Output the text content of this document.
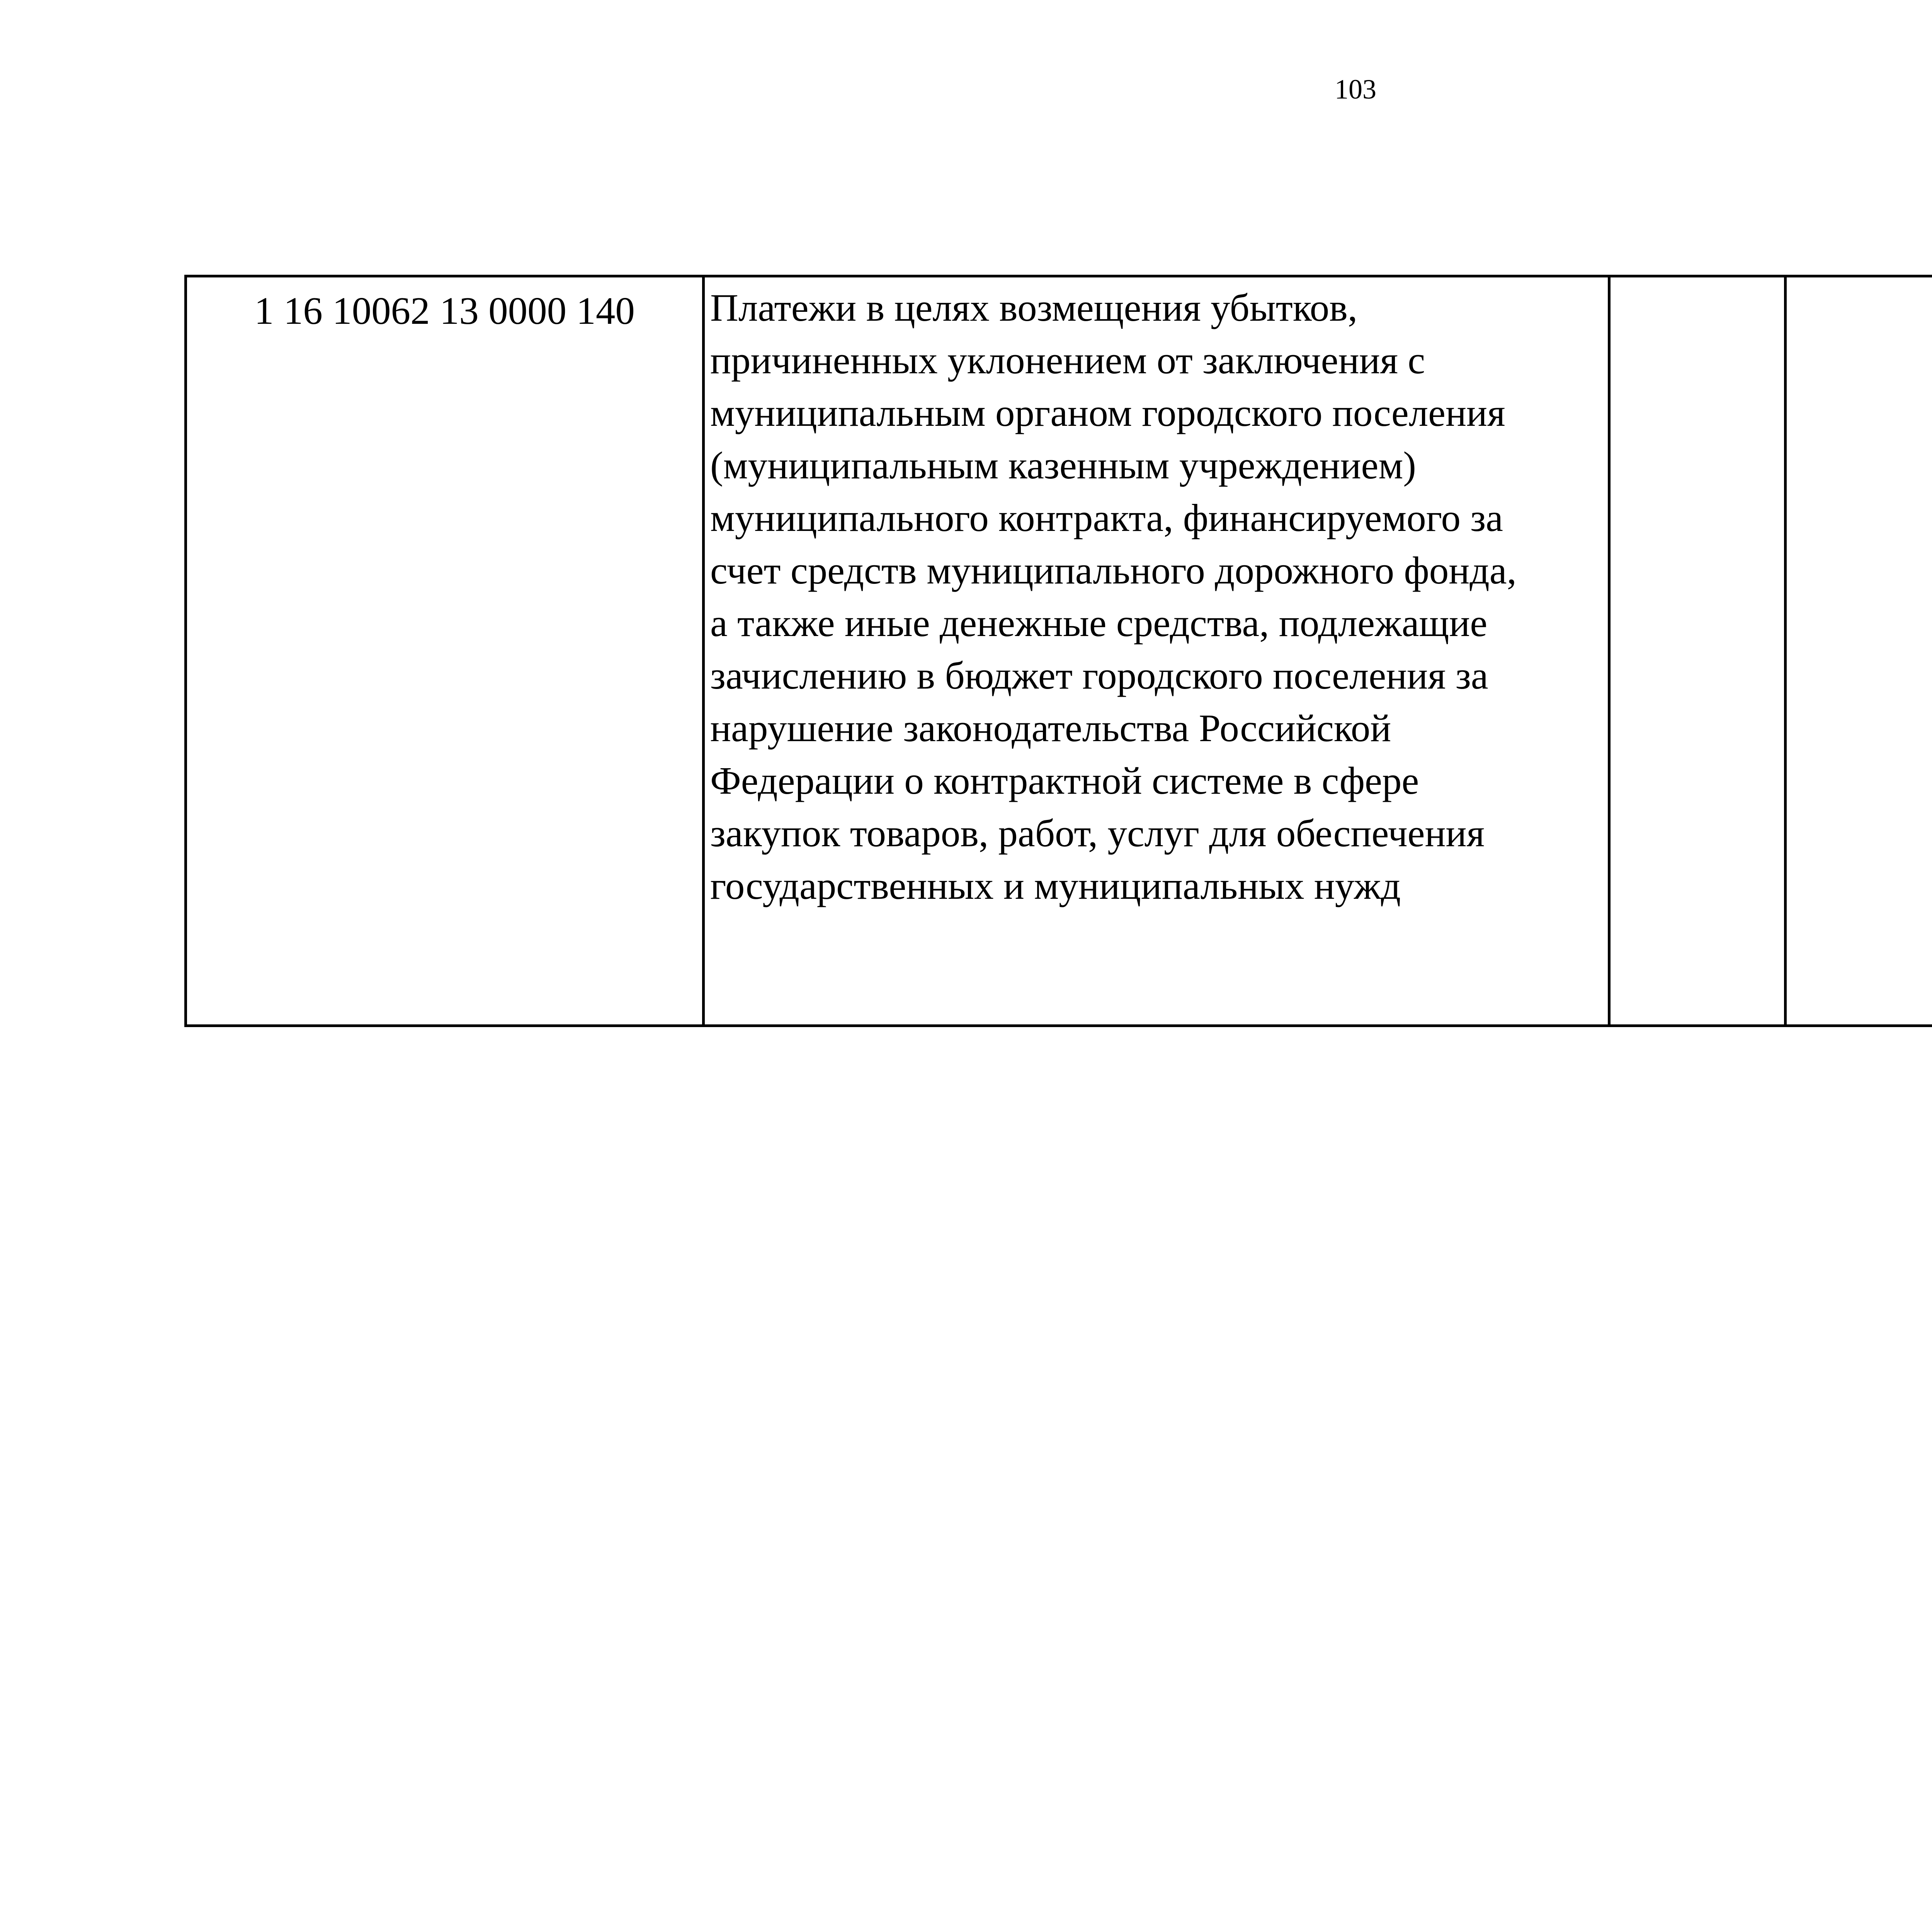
103
1 16 10062 13 0000 140	Платежи в целях возмещения убытков,
причиненных уклонением от заключения с
муниципальным органом городского поселения
(муниципальным казенным учреждением)
муниципального контракта, финансируемого за
счет средств муниципального дорожного фонда,
а также иные денежные средства, подлежащие
зачислению в бюджет городского поселения за
нарушение законодательства Российской
Федерации о контрактной системе в сфере
закупок товаров, работ, услуг для обеспечения
государственных и муниципальных нужд					
